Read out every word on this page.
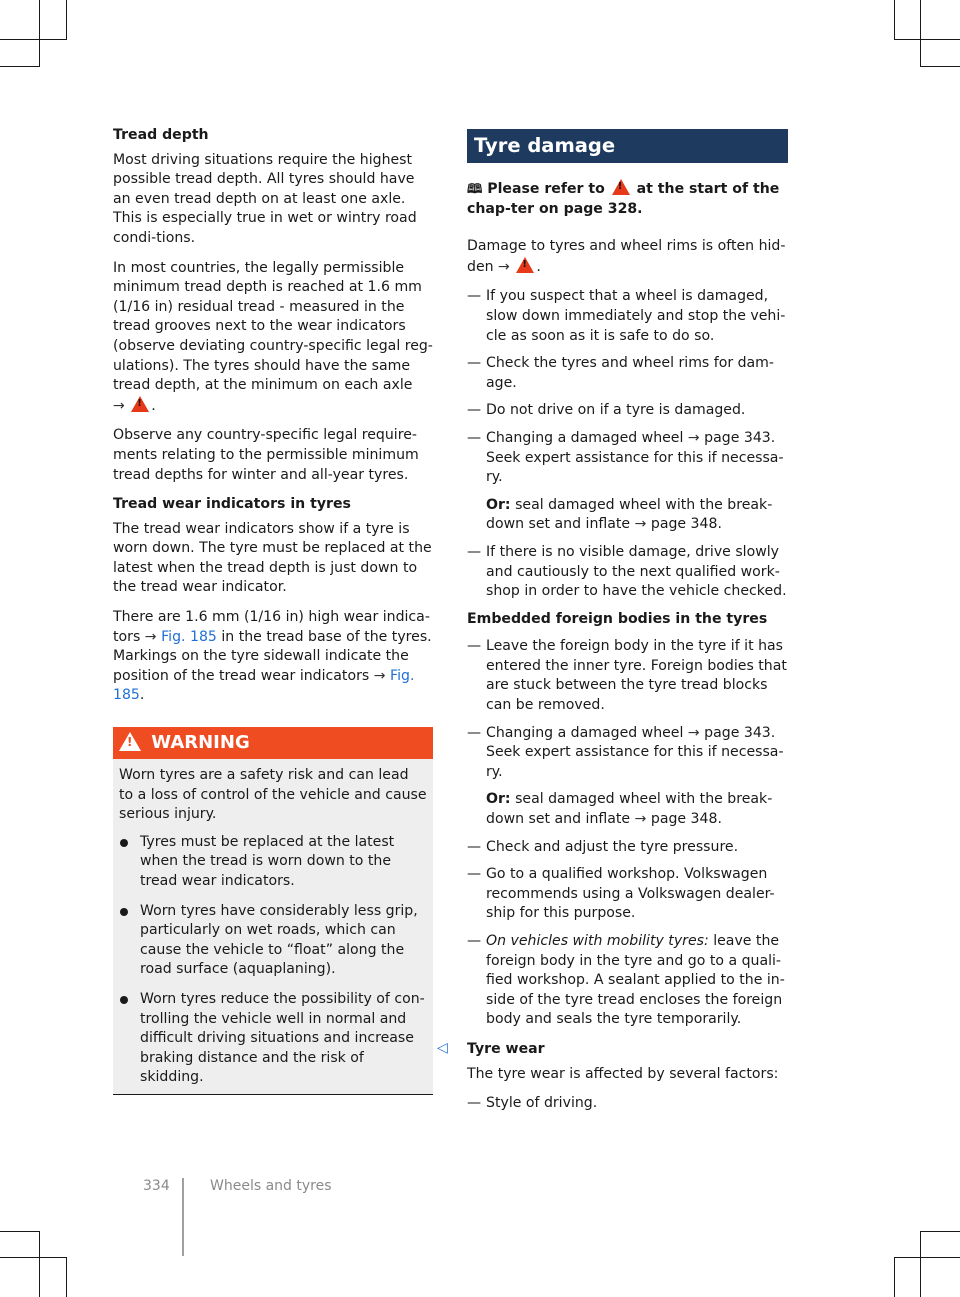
Tread depth

Most driving situations require the highest possible tread depth. All tyres should have an even tread depth on at least one axle. This is especially true in wet or wintry road condi-tions.

In most countries, the legally permissible minimum tread depth is reached at 1.6 mm (1/16 in) residual tread - measured in the tread grooves next to the wear indicators (observe deviating country-specific legal reg-ulations). The tyres should have the same tread depth, at the minimum on each axle

→ ! .

Observe any country-specific legal require-ments relating to the permissible minimum tread depths for winter and all-year tyres.

Tread wear indicators in tyres

The tread wear indicators show if a tyre is worn down. The tyre must be replaced at the latest when the tread depth is just down to the tread wear indicator.

There are 1.6 mm (1/16 in) high wear indica-tors → Fig. 185 in the tread base of the tyres. Markings on the tyre sidewall indicate the position of the tread wear indicators → Fig. 185.

! WARNING
Worn tyres are a safety risk and can lead to a loss of control of the vehicle and cause serious injury.
Tyres must be replaced at the latest when the tread is worn down to the tread wear indicators.
Worn tyres have considerably less grip, particularly on wet roads, which can cause the vehicle to “float” along the road surface (aquaplaning).
Worn tyres reduce the possibility of con-trolling the vehicle well in normal and difficult driving situations and increase braking distance and the risk of skidding.
◁
Tyre damage

🕮 Please refer to ! at the start of the chap-ter on page 328.

Damage to tyres and wheel rims is often hid-den → ! .

— If you suspect that a wheel is damaged, slow down immediately and stop the vehi-cle as soon as it is safe to do so.
— Check the tyres and wheel rims for dam-age.
— Do not drive on if a tyre is damaged.

— Changing a damaged wheel → page 343. Seek expert assistance for this if necessa-ry.

Or: seal damaged wheel with the break-down set and inflate → page 348.

— If there is no visible damage, drive slowly and cautiously to the next qualified work-shop in order to have the vehicle checked.

Embedded foreign bodies in the tyres

— Leave the foreign body in the tyre if it has entered the inner tyre. Foreign bodies that are stuck between the tyre tread blocks can be removed.

— Changing a damaged wheel → page 343. Seek expert assistance for this if necessa-ry.

Or: seal damaged wheel with the break-down set and inflate → page 348.

— Check and adjust the tyre pressure.
— Go to a qualified workshop. Volkswagen recommends using a Volkswagen dealer-ship for this purpose.
— On vehicles with mobility tyres: leave the foreign body in the tyre and go to a quali-fied workshop. A sealant applied to the in-side of the tyre tread encloses the foreign body and seals the tyre temporarily.

Tyre wear

The tyre wear is affected by several factors:

— Style of driving.
334	Wheels and tyres
